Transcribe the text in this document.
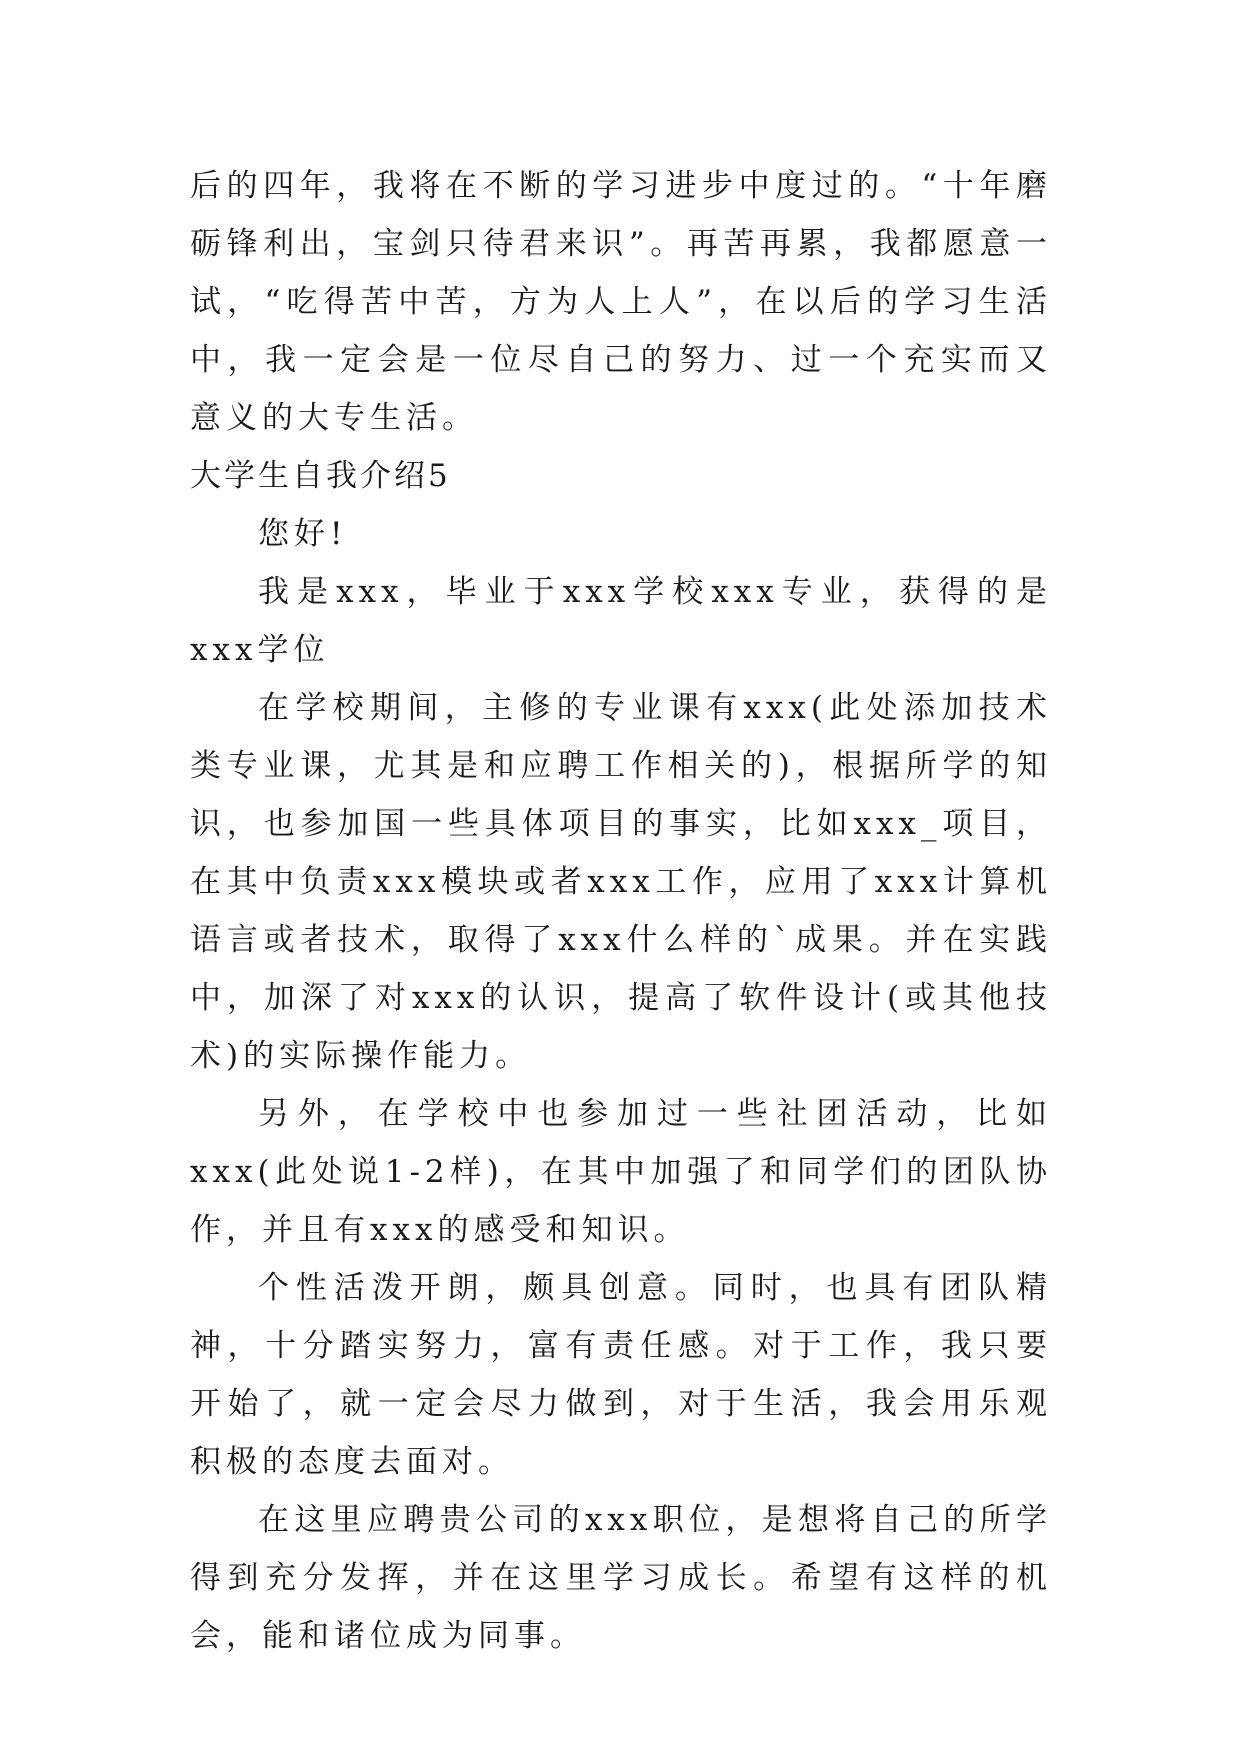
后的四年，我将在不断的学习进步中度过的。“十年磨砺锋利出，宝剑只待君来识”。再苦再累，我都愿意一试，“吃得苦中苦，方为人上人”，在以后的学习生活中，我一定会是一位尽自己的努力、过一个充实而又意义的大专生活。
大学生自我介绍5

您好!

我是xxx，毕业于xxx学校xxx专业，获得的是xxx学位

在学校期间，主修的专业课有xxx(此处添加技术类专业课，尤其是和应聘工作相关的)，根据所学的知识，也参加国一些具体项目的事实，比如xxx_项目，在其中负责xxx模块或者xxx工作，应用了xxx计算机语言或者技术，取得了xxx什么样的`成果。并在实践中，加深了对xxx的认识，提高了软件设计(或其他技术)的实际操作能力。

另外，在学校中也参加过一些社团活动，比如xxx(此处说1-2样)，在其中加强了和同学们的团队协作，并且有xxx的感受和知识。

个性活泼开朗，颇具创意。同时，也具有团队精神，十分踏实努力，富有责任感。对于工作，我只要开始了，就一定会尽力做到，对于生活，我会用乐观积极的态度去面对。

在这里应聘贵公司的xxx职位，是想将自己的所学得到充分发挥，并在这里学习成长。希望有这样的机会，能和诸位成为同事。
